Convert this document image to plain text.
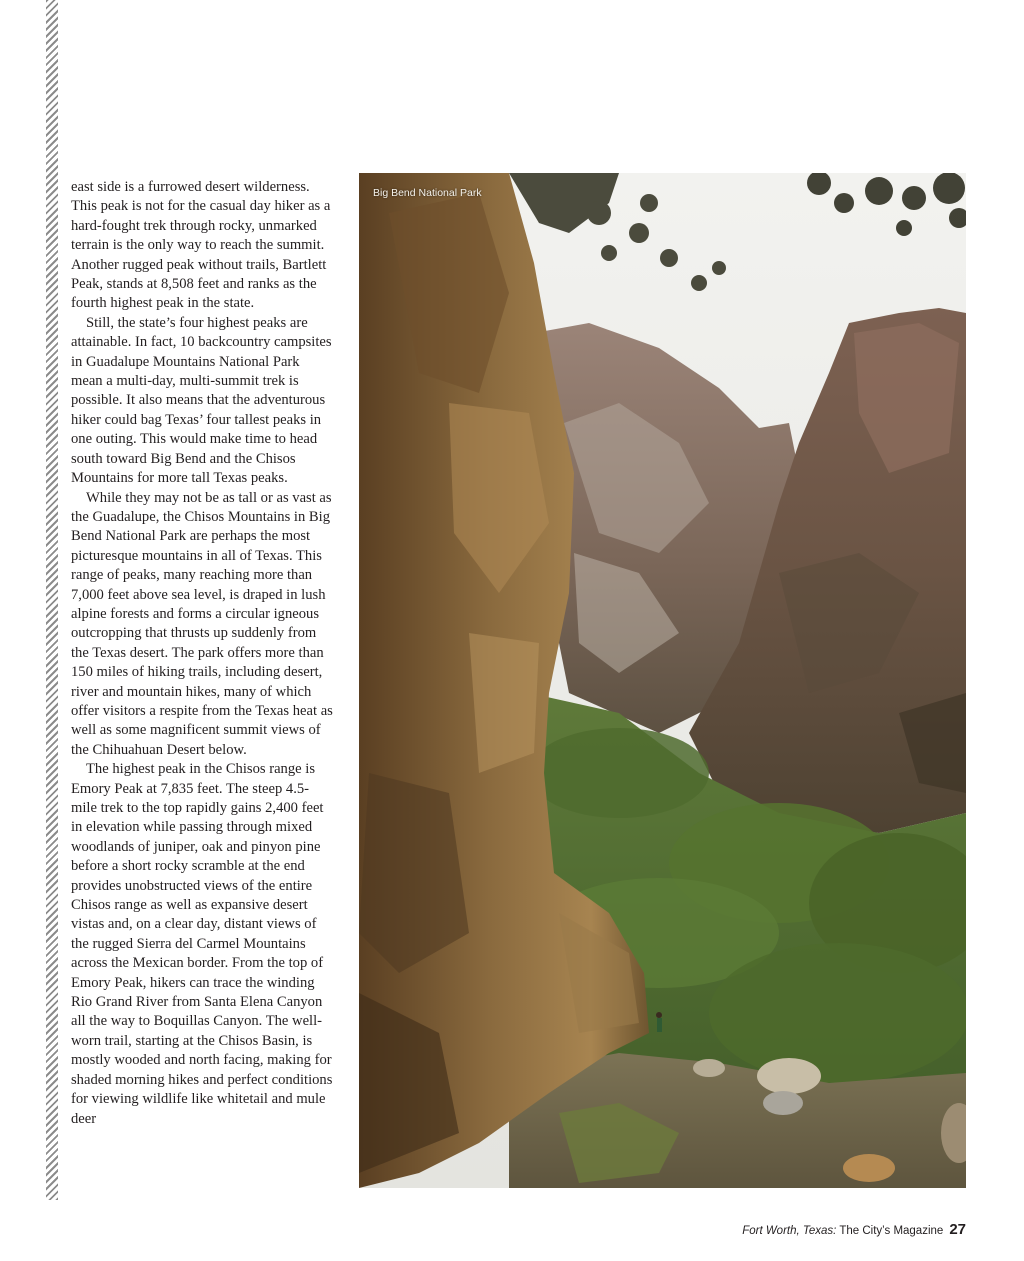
east side is a furrowed desert wilderness. This peak is not for the casual day hiker as a hard-fought trek through rocky, unmarked terrain is the only way to reach the summit. Another rugged peak without trails, Bartlett Peak, stands at 8,508 feet and ranks as the fourth highest peak in the state.

Still, the state’s four highest peaks are attainable. In fact, 10 backcountry campsites in Guadalupe Mountains National Park mean a multi-day, multi-summit trek is possible. It also means that the adventurous hiker could bag Texas’ four tallest peaks in one outing. This would make time to head south toward Big Bend and the Chisos Mountains for more tall Texas peaks.

While they may not be as tall or as vast as the Guadalupe, the Chisos Mountains in Big Bend National Park are perhaps the most picturesque mountains in all of Texas. This range of peaks, many reaching more than 7,000 feet above sea level, is draped in lush alpine forests and forms a circular igneous outcropping that thrusts up suddenly from the Texas desert. The park offers more than 150 miles of hiking trails, including desert, river and mountain hikes, many of which offer visitors a respite from the Texas heat as well as some magnificent summit views of the Chihuahuan Desert below.

The highest peak in the Chisos range is Emory Peak at 7,835 feet. The steep 4.5-mile trek to the top rapidly gains 2,400 feet in elevation while passing through mixed woodlands of juniper, oak and pinyon pine before a short rocky scramble at the end provides unobstructed views of the entire Chisos range as well as expansive desert vistas and, on a clear day, distant views of the rugged Sierra del Carmel Mountains across the Mexican border. From the top of Emory Peak, hikers can trace the winding Rio Grand River from Santa Elena Canyon all the way to Boquillas Canyon. The well-worn trail, starting at the Chisos Basin, is mostly wooded and north facing, making for shaded morning hikes and perfect conditions for viewing wildlife like whitetail and mule deer

Big Bend National Park
Fort Worth, Texas: The City’s Magazine 27
